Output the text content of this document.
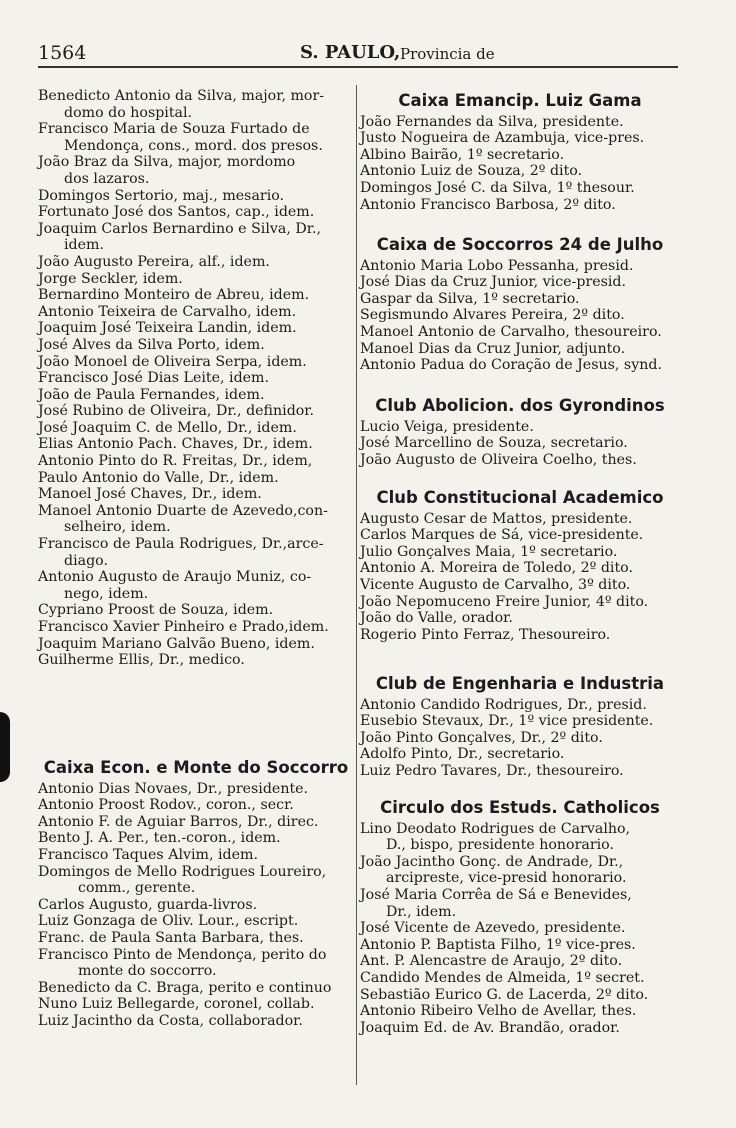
1564	S. PAULO, Provincia de
Benedicto Antonio da Silva, major, mor-
domo do hospital.
Francisco Maria de Souza Furtado de
Mendonça, cons., mord. dos presos.
João Braz da Silva, major, mordomo
dos lazaros.
Domingos Sertorio, maj., mesario.
Fortunato José dos Santos, cap., idem.
Joaquim Carlos Bernardino e Silva, Dr.,
idem.
João Augusto Pereira, alf., idem.
Jorge Seckler, idem.
Bernardino Monteiro de Abreu, idem.
Antonio Teixeira de Carvalho, idem.
Joaquim José Teixeira Landin, idem.
José Alves da Silva Porto, idem.
João Monoel de Oliveira Serpa, idem.
Francisco José Dias Leite, idem.
João de Paula Fernandes, idem.
José Rubino de Oliveira, Dr., definidor.
José Joaquim C. de Mello, Dr., idem.
Elias Antonio Pach. Chaves, Dr., idem.
Antonio Pinto do R. Freitas, Dr., idem,
Paulo Antonio do Valle, Dr., idem.
Manoel José Chaves, Dr., idem.
Manoel Antonio Duarte de Azevedo,con-
selheiro, idem.
Francisco de Paula Rodrigues, Dr.,arce-
diago.
Antonio Augusto de Araujo Muniz, co-
nego, idem.
Cypriano Proost de Souza, idem.
Francisco Xavier Pinheiro e Prado,idem.
Joaquim Mariano Galvão Bueno, idem.
Guilherme Ellis, Dr., medico.
Caixa Econ. e Monte do Soccorro
Antonio Dias Novaes, Dr., presidente.
Antonio Proost Rodov., coron., secr.
Antonio F. de Aguiar Barros, Dr., direc.
Bento J. A. Per., ten.-coron., idem.
Francisco Taques Alvim, idem.
Domingos de Mello Rodrigues Loureiro,
comm., gerente.
Carlos Augusto, guarda-livros.
Luiz Gonzaga de Oliv. Lour., escript.
Franc. de Paula Santa Barbara, thes.
Francisco Pinto de Mendonça, perito do
monte do soccorro.
Benedicto da C. Braga, perito e continuo
Nuno Luiz Bellegarde, coronel, collab.
Luiz Jacintho da Costa, collaborador.
Caixa Emancip. Luiz Gama
João Fernandes da Silva, presidente.
Justo Nogueira de Azambuja, vice-pres.
Albino Bairão, 1º secretario.
Antonio Luiz de Souza, 2º dito.
Domingos José C. da Silva, 1º thesour.
Antonio Francisco Barbosa, 2º dito.
Caixa de Soccorros 24 de Julho
Antonio Maria Lobo Pessanha, presid.
José Dias da Cruz Junior, vice-presid.
Gaspar da Silva, 1º secretario.
Segismundo Alvares Pereira, 2º dito.
Manoel Antonio de Carvalho, thesoureiro.
Manoel Dias da Cruz Junior, adjunto.
Antonio Padua do Coração de Jesus, synd.
Club Abolicion. dos Gyrondinos
Lucio Veiga, presidente.
José Marcellino de Souza, secretario.
João Augusto de Oliveira Coelho, thes.
Club Constitucional Academico
Augusto Cesar de Mattos, presidente.
Carlos Marques de Sá, vice-presidente.
Julio Gonçalves Maia, 1º secretario.
Antonio A. Moreira de Toledo, 2º dito.
Vicente Augusto de Carvalho, 3º dito.
João Nepomuceno Freire Junior, 4º dito.
João do Valle, orador.
Rogerio Pinto Ferraz, Thesoureiro.
Club de Engenharia e Industria
Antonio Candido Rodrigues, Dr., presid.
Eusebio Stevaux, Dr., 1º vice presidente.
João Pinto Gonçalves, Dr., 2º dito.
Adolfo Pinto, Dr., secretario.
Luiz Pedro Tavares, Dr., thesoureiro.
Circulo dos Estuds. Catholicos
Lino Deodato Rodrigues de Carvalho,
D., bispo, presidente honorario.
João Jacintho Gonç. de Andrade, Dr.,
arcipreste, vice-presid honorario.
José Maria Corrêa de Sá e Benevides,
Dr., idem.
José Vicente de Azevedo, presidente.
Antonio P. Baptista Filho, 1º vice-pres.
Ant. P. Alencastre de Araujo, 2º dito.
Candido Mendes de Almeida, 1º secret.
Sebastião Eurico G. de Lacerda, 2º dito.
Antonio Ribeiro Velho de Avellar, thes.
Joaquim Ed. de Av. Brandão, orador.
